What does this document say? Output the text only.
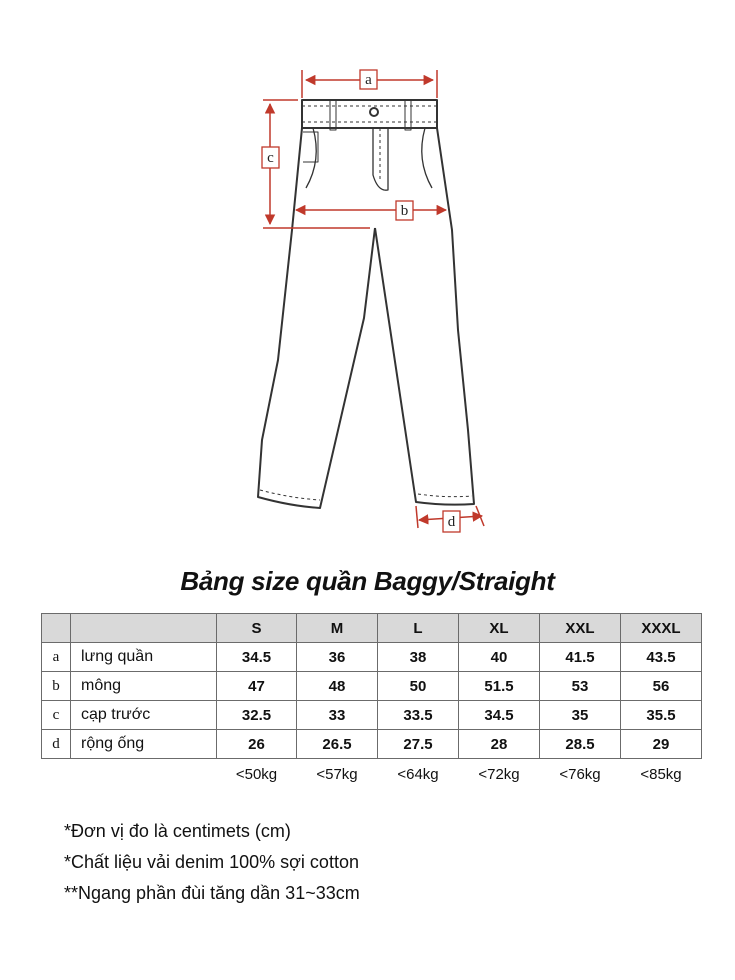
a
b
c
d
Bảng size quần Baggy/Straight
		S	M	L	XL	XXL	XXXL
a	lưng quần	34.5	36	38	40	41.5	43.5
b	mông	47	48	50	51.5	53	56
c	cạp trước	32.5	33	33.5	34.5	35	35.5
d	rộng ống	26	26.5	27.5	28	28.5	29
		<50kg	<57kg	<64kg	<72kg	<76kg	<85kg
*Đơn vị đo là centimets (cm)
*Chất liệu vải denim 100% sợi cotton
**Ngang phần đùi tăng dần 31~33cm
